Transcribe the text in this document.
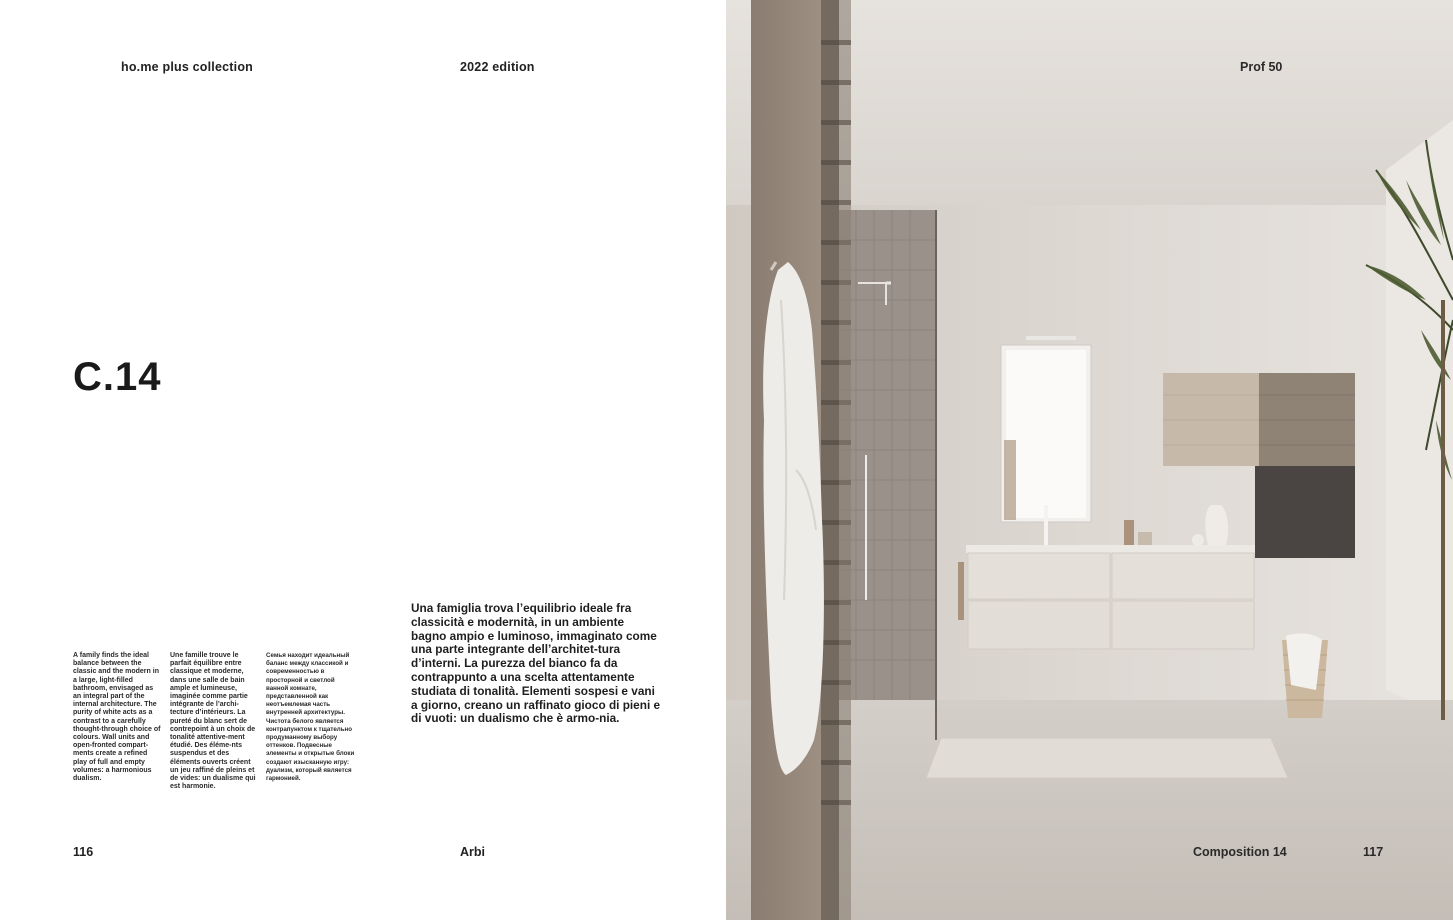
ho.me plus collection	2022 edition
C.14
A family finds the ideal balance between the classic and the modern in a large, light-filled bathroom, envisaged as an integral part of the internal architecture. The purity of white acts as a contrast to a carefully thought-through choice of colours. Wall units and open-fronted compart-ments create a refined play of full and empty volumes: a harmonious dualism.
Une famille trouve le parfait équilibre entre classique et moderne, dans une salle de bain ample et lumineuse, imaginée comme partie intégrante de l’archi-tecture d’intérieurs. La pureté du blanc sert de contrepoint à un choix de tonalité attentive-ment étudié. Des éléme-nts suspendus et des éléments ouverts créent un jeu raffiné de pleins et de vides: un dualisme qui est harmonie.
Семья находит идеальный баланс между классикой и современностью в просторной и светлой ванной комнате, представленной как неотъемлемая часть внутренней архитектуры. Чистота белого является контрапунктом к тщательно продуманному выбору оттенков. Подвесные элементы и открытые блоки создают изысканную игру: дуализм, который является гармонией.
Una famiglia trova l’equilibrio ideale fra classicità e modernità, in un ambiente bagno ampio e luminoso, immaginato come una parte integrante dell’architet-tura d’interni. La purezza del bianco fa da contrappunto a una scelta attentamente studiata di tonalità. Elementi sospesi e vani a giorno, creano un raffinato gioco di pieni e di vuoti: un dualismo che è armo-nia.
116	Arbi
Prof 50
Composition 14	117
